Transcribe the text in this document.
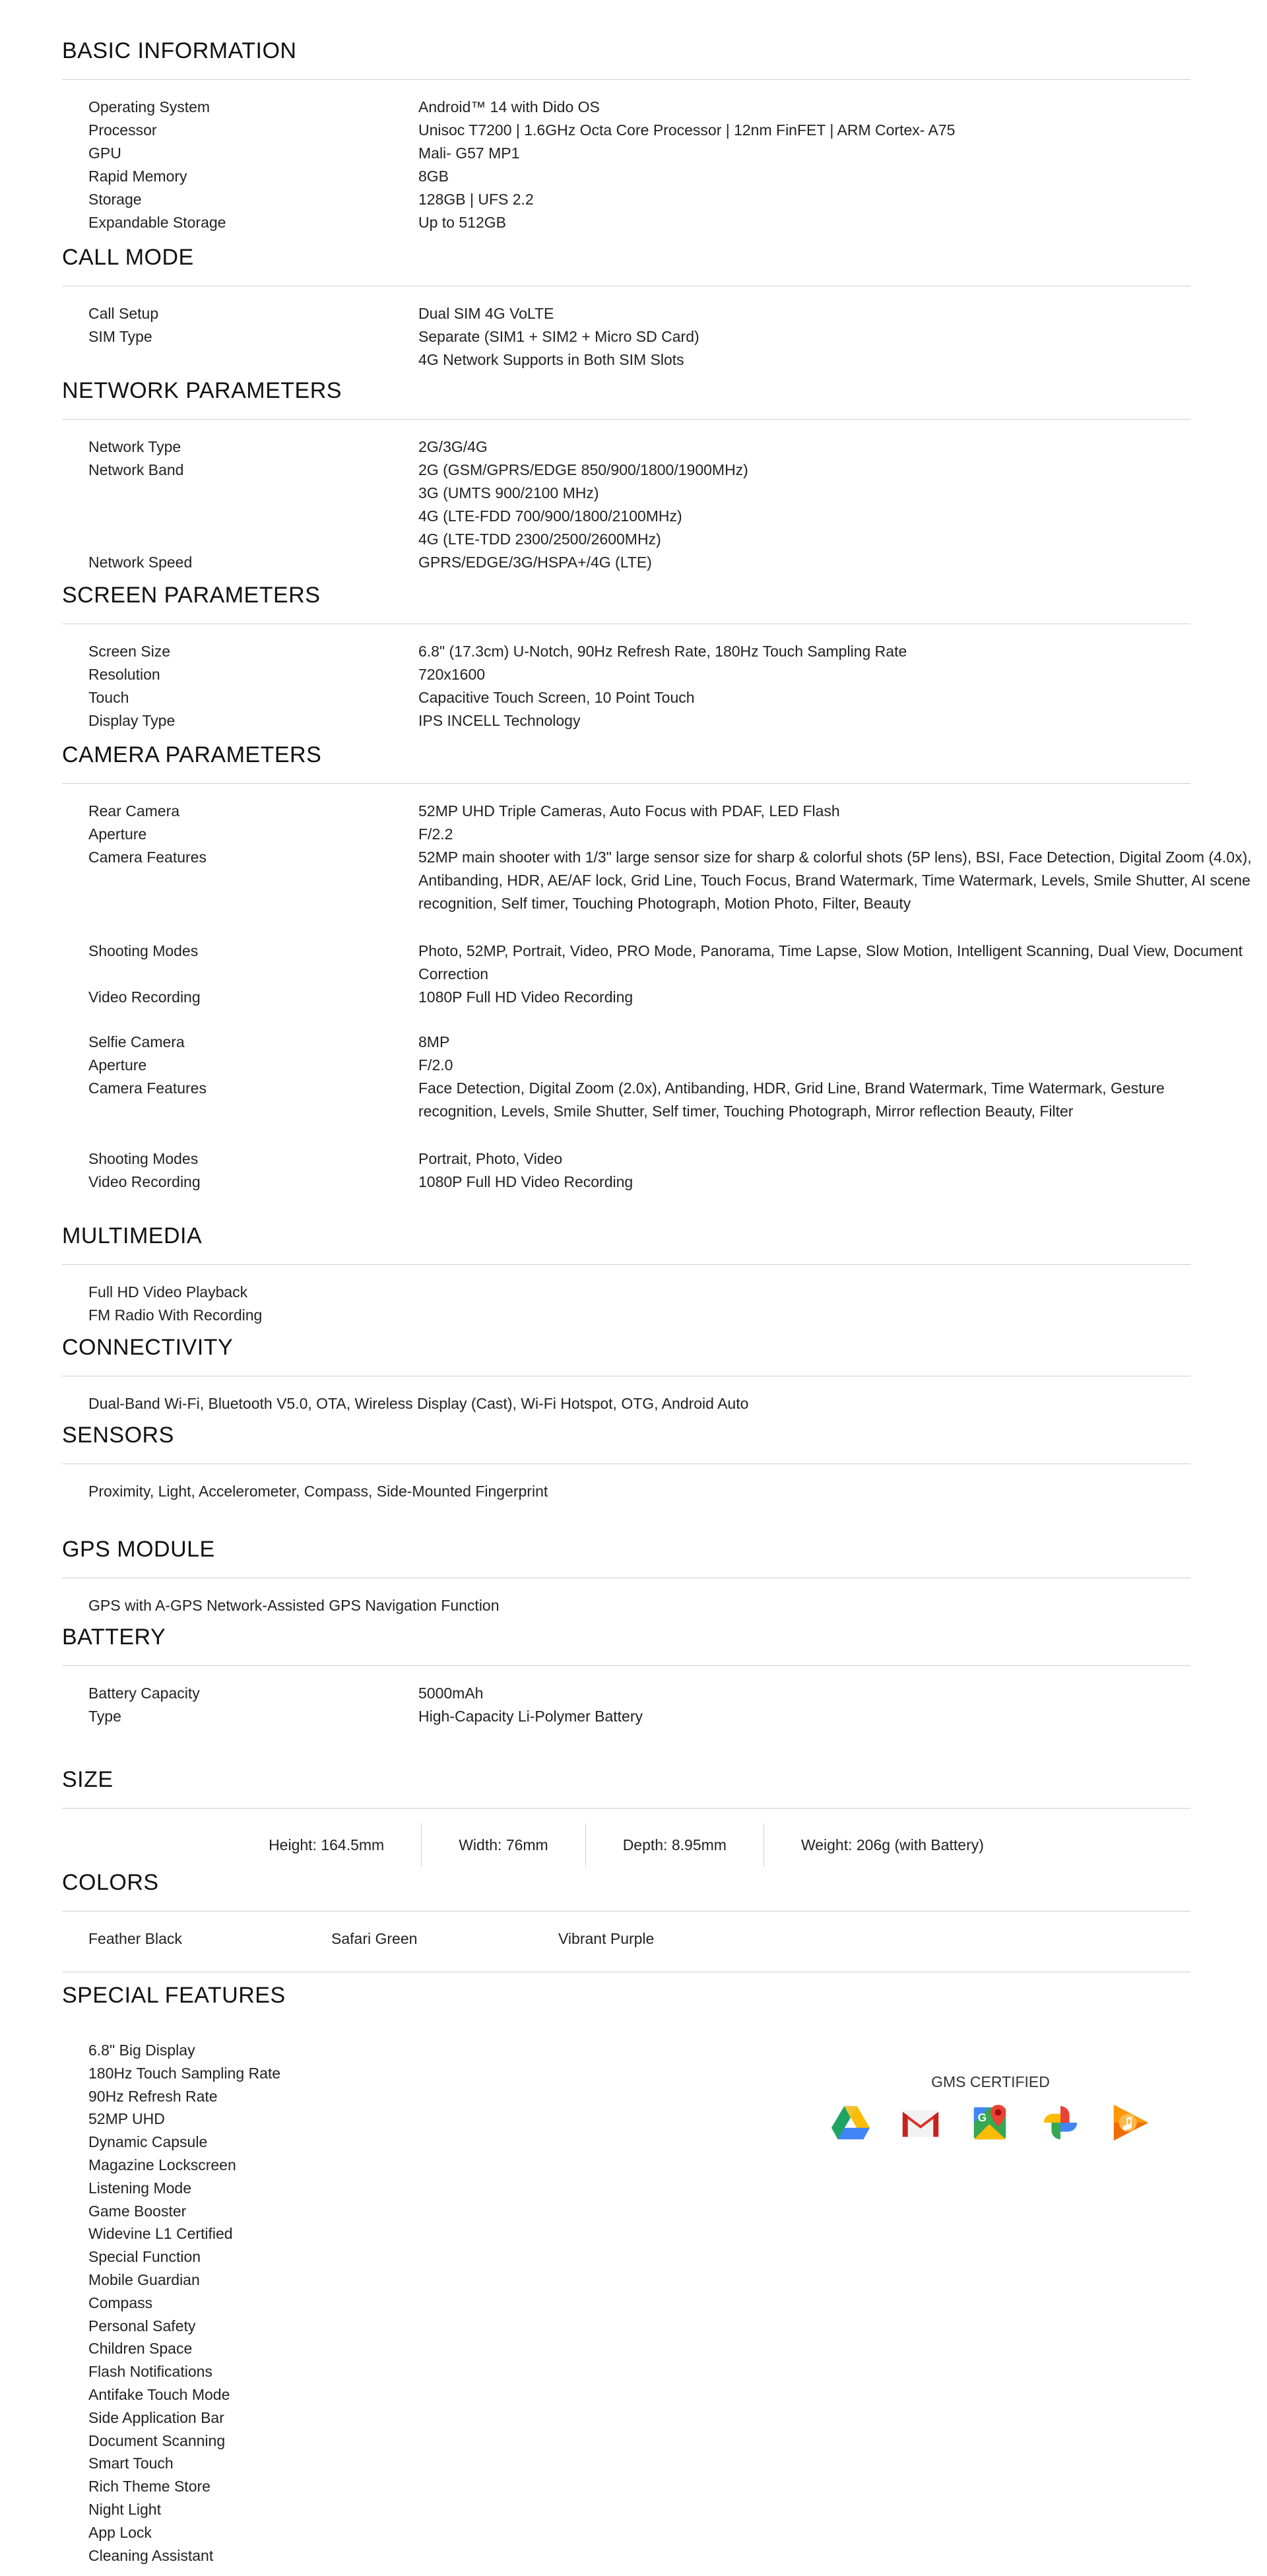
BASIC INFORMATION
Operating System	Android™ 14 with Dido OS
Processor	Unisoc T7200 | 1.6GHz Octa Core Processor | 12nm FinFET | ARM Cortex- A75
GPU	Mali- G57 MP1
Rapid Memory	8GB
Storage	128GB | UFS 2.2
Expandable Storage	Up to 512GB
CALL MODE
Call Setup	Dual SIM 4G VoLTE
SIM Type	Separate (SIM1 + SIM2 + Micro SD Card)
4G Network Supports in Both SIM Slots
NETWORK PARAMETERS
Network Type	2G/3G/4G
Network Band	2G (GSM/GPRS/EDGE 850/900/1800/1900MHz)
3G (UMTS 900/2100 MHz)
4G (LTE-FDD 700/900/1800/2100MHz)
4G (LTE-TDD 2300/2500/2600MHz)
Network Speed	GPRS/EDGE/3G/HSPA+/4G (LTE)
SCREEN PARAMETERS
Screen Size	6.8" (17.3cm) U-Notch, 90Hz Refresh Rate, 180Hz Touch Sampling Rate
Resolution	720x1600
Touch	Capacitive Touch Screen, 10 Point Touch
Display Type	IPS INCELL Technology
CAMERA PARAMETERS
Rear Camera	52MP UHD Triple Cameras, Auto Focus with PDAF, LED Flash
Aperture	F/2.2
Camera Features	52MP main shooter with 1/3" large sensor size for sharp & colorful shots (5P lens), BSI, Face Detection, Digital Zoom (4.0x), Antibanding, HDR, AE/AF lock, Grid Line, Touch Focus, Brand Watermark, Time Watermark, Levels, Smile Shutter, AI scene recognition, Self timer, Touching Photograph, Motion Photo, Filter, Beauty
Shooting Modes	Photo, 52MP, Portrait, Video, PRO Mode, Panorama, Time Lapse, Slow Motion, Intelligent Scanning, Dual View, Document Correction
Video Recording	1080P Full HD Video Recording
Selfie Camera	8MP
Aperture	F/2.0
Camera Features	Face Detection, Digital Zoom (2.0x), Antibanding, HDR, Grid Line, Brand Watermark, Time Watermark, Gesture recognition, Levels, Smile Shutter, Self timer, Touching Photograph, Mirror reflection Beauty, Filter
Shooting Modes	Portrait, Photo, Video
Video Recording	1080P Full HD Video Recording
MULTIMEDIA
Full HD Video Playback
FM Radio With Recording
CONNECTIVITY
Dual-Band Wi-Fi, Bluetooth V5.0, OTA, Wireless Display (Cast), Wi-Fi Hotspot, OTG, Android Auto
SENSORS
Proximity, Light, Accelerometer, Compass, Side-Mounted Fingerprint
GPS MODULE
GPS with A-GPS Network-Assisted GPS Navigation Function
BATTERY
Battery Capacity	5000mAh
Type	High-Capacity Li-Polymer Battery
SIZE
Height: 164.5mm	Width: 76mm	Depth: 8.95mm	Weight: 206g (with Battery)
COLORS
Feather Black	Safari Green	Vibrant Purple
SPECIAL FEATURES
6.8" Big Display
180Hz Touch Sampling Rate
90Hz Refresh Rate
52MP UHD
Dynamic Capsule
Magazine Lockscreen
Listening Mode
Game Booster
Widevine L1 Certified
Special Function
Mobile Guardian
Compass
Personal Safety
Children Space
Flash Notifications
Antifake Touch Mode
Side Application Bar
Document Scanning
Smart Touch
Rich Theme Store
Night Light
App Lock
Cleaning Assistant
GMS CERTIFIED
G
